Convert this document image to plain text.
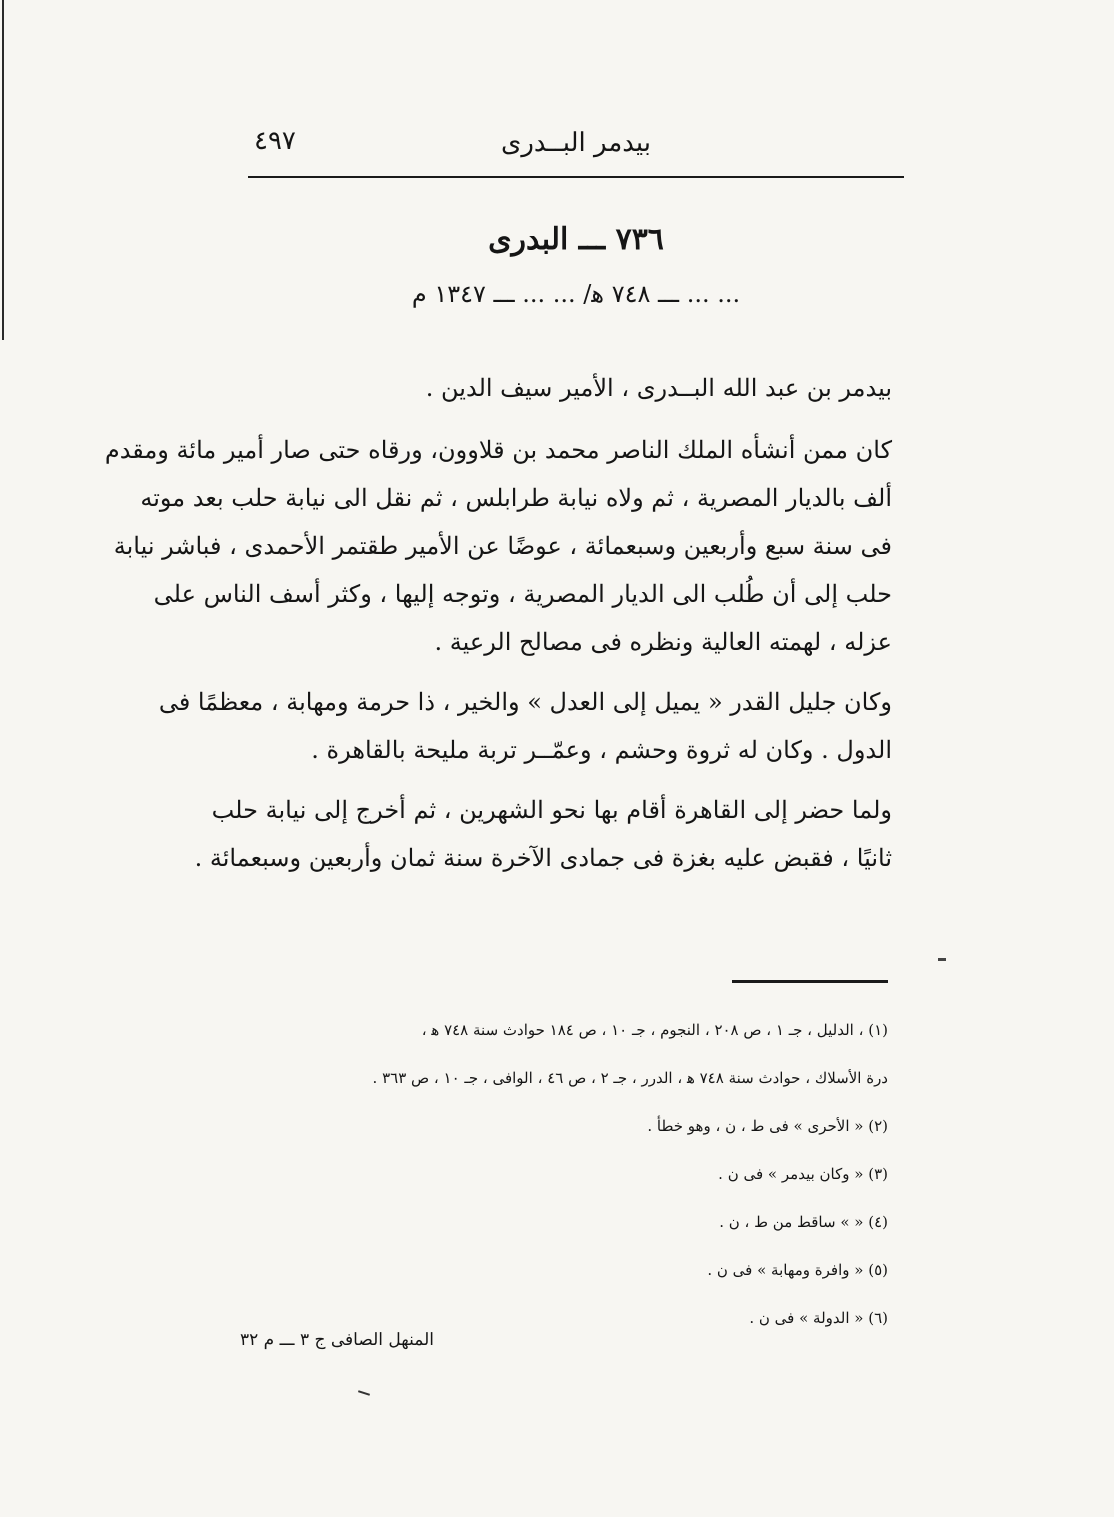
بيدمر البــدرى
٤٩٧
٧٣٦ ـــ البدرى
... ... ـــ ٧٤٨ ﻫ/ ... ... ـــ ١٣٤٧ م
بيدمر بن عبد الله البــدرى ، الأمير سيف الدين .
كان ممن أنشأه الملك الناصر محمد بن قلاوون، ورقاه حتى صار أمير مائة ومقدم
ألف بالديار المصرية ، ثم ولاه نيابة طرابلس ، ثم نقل الى نيابة حلب بعد موته
فى سنة سبع وأربعين وسبعمائة ، عوضًا عن الأمير طقتمر الأحمدى ، فباشر نيابة
حلب إلى أن طُلب الى الديار المصرية ، وتوجه إليها ، وكثر أسف الناس على
عزله ، لهمته العالية ونظره فى مصالح الرعية .
وكان جليل القدر « يميل إلى العدل » والخير ، ذا حرمة ومهابة ، معظمًا فى
الدول . وكان له ثروة وحشم ، وعمّــر تربة مليحة بالقاهرة .
ولما حضر إلى القاهرة أقام بها نحو الشهرين ، ثم أخرج إلى نيابة حلب
ثانيًا ، فقبض عليه بغزة فى جمادى الآخرة سنة ثمان وأربعين وسبعمائة .
(١) ، الدليل ، جـ ١ ، ص ٢٠٨ ، النجوم ، جـ ١٠ ، ص ١٨٤ حوادث سنة ٧٤٨ ﻫ ،
درة الأسلاك ، حوادث سنة ٧٤٨ ﻫ ، الدرر ، جـ ٢ ، ص ٤٦ ، الوافى ، جـ ١٠ ، ص ٣٦٣ .
(٢) « الأحرى » فى ط ، ن ، وهو خطأ .
(٣) « وكان بيدمر » فى ن .
(٤) « » ساقط من ط ، ن .
(٥) « وافرة ومهابة » فى ن .
(٦) « الدولة » فى ن .
المنهل الصافى ج ٣ ـــ م ٣٢
